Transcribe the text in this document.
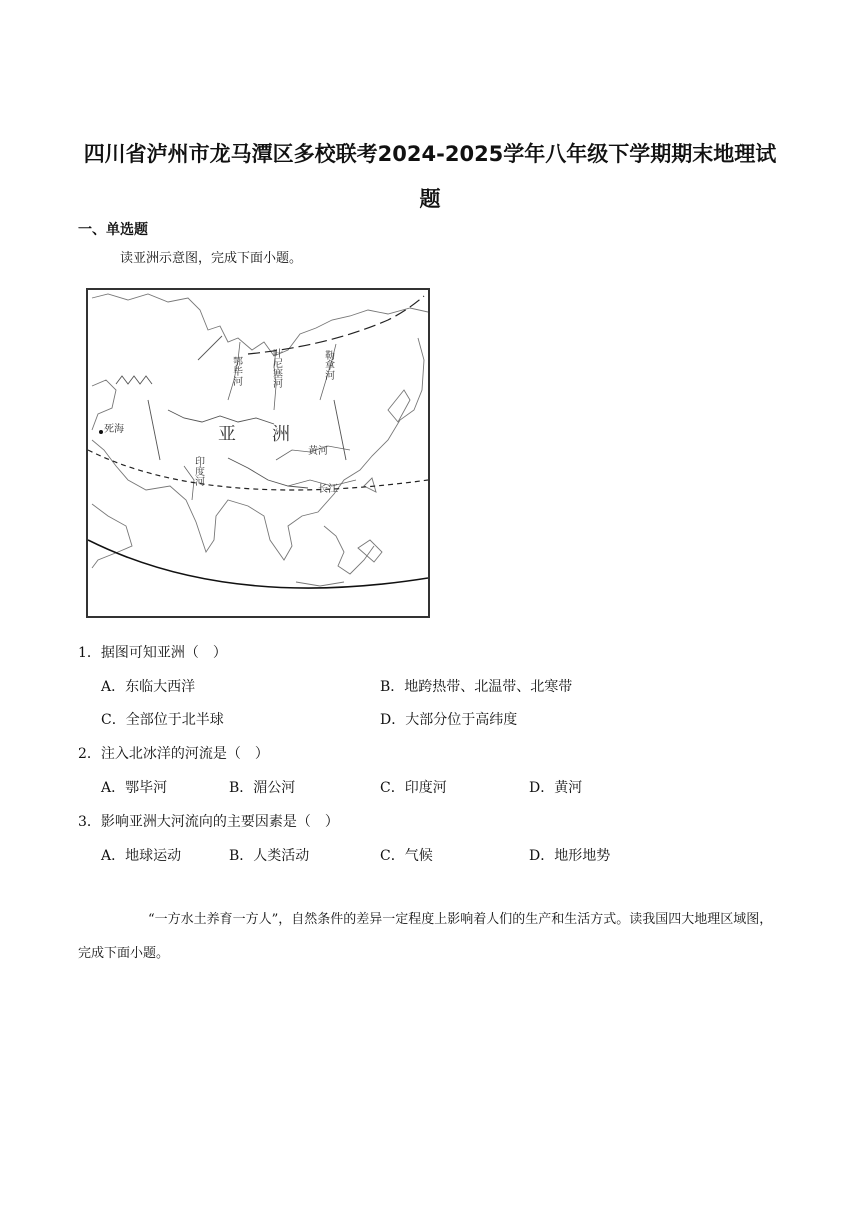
四川省泸州市龙马潭区多校联考2024-2025学年八年级下学期期末地理试
题
一、单选题
读亚洲示意图，完成下面小题。
亚 洲
死海
鄂毕河	叶尼塞河	勒拿河
黄河
长江
印度河
1．据图可知亚洲（　）
A．东临大西洋	B．地跨热带、北温带、北寒带
C．全部位于北半球	D．大部分位于高纬度
2．注入北冰洋的河流是（　）
A．鄂毕河	B．湄公河	C．印度河	D．黄河
3．影响亚洲大河流向的主要因素是（　）
A．地球运动	B．人类活动	C．气候	D．地形地势
“一方水土养育一方人”，自然条件的差异一定程度上影响着人们的生产和生活方式。读我国四大地理区域图，完成下面小题。
